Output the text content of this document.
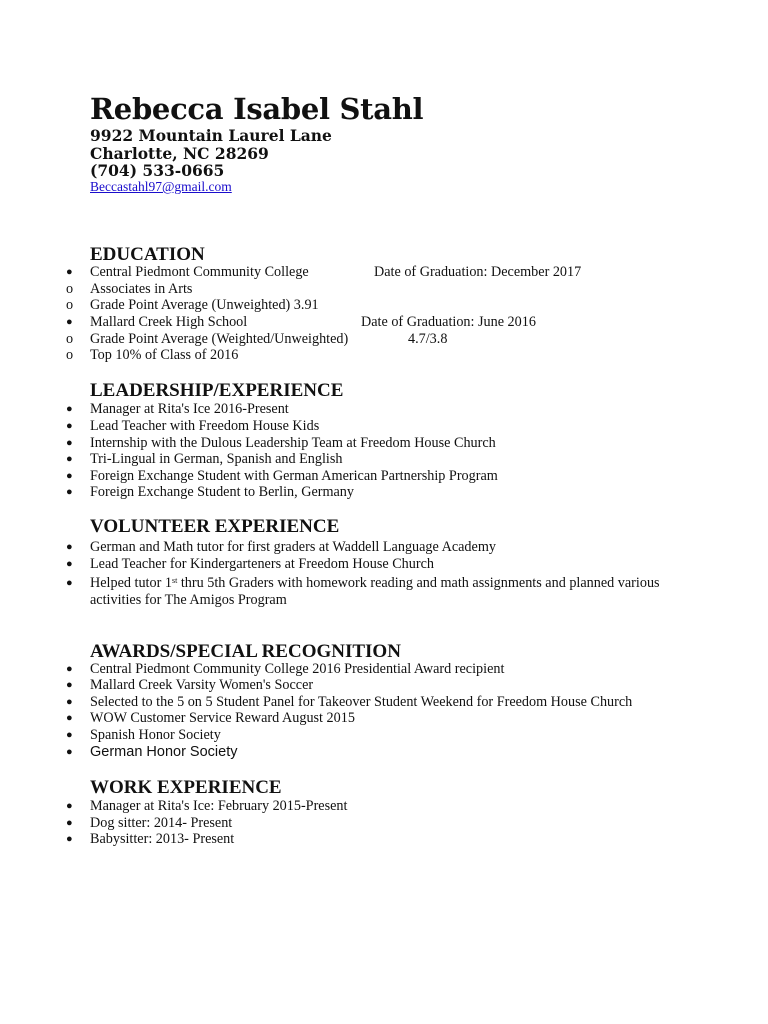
Rebecca Isabel Stahl
9922 Mountain Laurel Lane
Charlotte, NC 28269
(704) 533-0665
Beccastahl97@gmail.com
EDUCATION
●	Central Piedmont Community College	Date of Graduation: December 2017
o	Associates in Arts
o	Grade Point Average (Unweighted) 3.91
●	Mallard Creek High School	Date of Graduation: June 2016
o	Grade Point Average (Weighted/Unweighted)	4.7/3.8
o	Top 10% of Class of 2016
LEADERSHIP/EXPERIENCE
●	Manager at Rita's Ice 2016-Present
●	Lead Teacher with Freedom House Kids
●	Internship with the Dulous Leadership Team at Freedom House Church
●	Tri-Lingual in German, Spanish and English
●	Foreign Exchange Student with German American Partnership Program
●	Foreign Exchange Student to Berlin, Germany
VOLUNTEER EXPERIENCE
●	German and Math tutor for first graders at Waddell Language Academy
●	Lead Teacher for Kindergarteners at Freedom House Church
●	Helped tutor 1st thru 5th Graders with homework reading and math assignments and planned various activities for The Amigos Program
AWARDS/SPECIAL RECOGNITION
●	Central Piedmont Community College 2016 Presidential Award recipient
●	Mallard Creek Varsity Women's Soccer
●	Selected to the 5 on 5 Student Panel for Takeover Student Weekend for Freedom House Church
●	WOW Customer Service Reward August 2015
●	Spanish Honor Society
●	German Honor Society
WORK EXPERIENCE
●	Manager at Rita's Ice: February 2015-Present
●	Dog sitter: 2014- Present
●	Babysitter: 2013- Present
